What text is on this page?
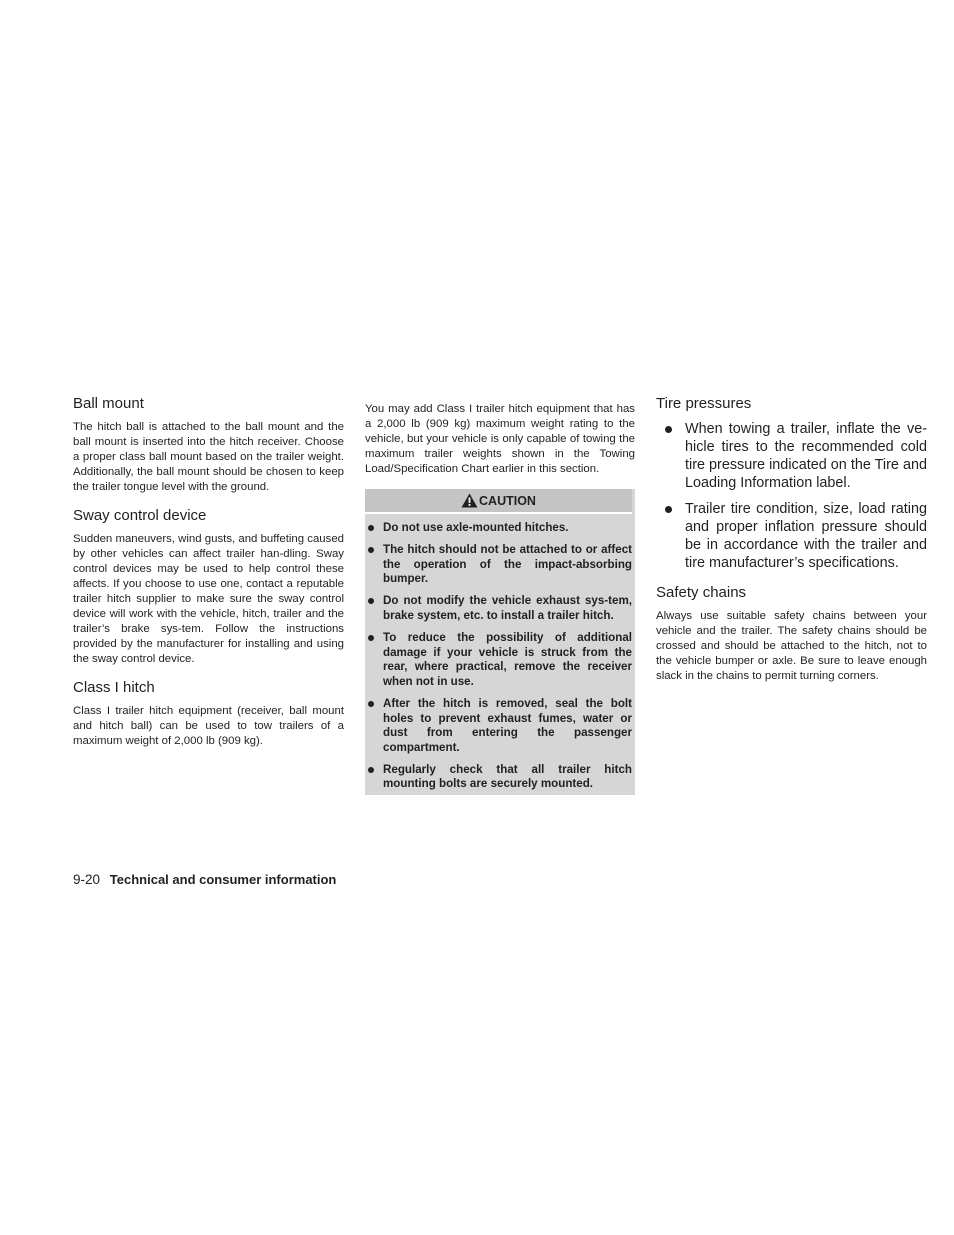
Ball mount

The hitch ball is attached to the ball mount and the ball mount is inserted into the hitch receiver. Choose a proper class ball mount based on the trailer weight. Additionally, the ball mount should be chosen to keep the trailer tongue level with the ground.

Sway control device

Sudden maneuvers, wind gusts, and buffeting caused by other vehicles can affect trailer han-dling. Sway control devices may be used to help control these affects. If you choose to use one, contact a reputable trailer hitch supplier to make sure the sway control device will work with the vehicle, hitch, trailer and the trailer’s brake sys-tem. Follow the instructions provided by the manufacturer for installing and using the sway control device.

Class I hitch

Class I trailer hitch equipment (receiver, ball mount and hitch ball) can be used to tow trailers of a maximum weight of 2,000 lb (909 kg).

You may add Class I trailer hitch equipment that has a 2,000 lb (909 kg) maximum weight rating to the vehicle, but your vehicle is only capable of towing the maximum trailer weights shown in the Towing Load/Specification Chart earlier in this section.

CAUTION
Do not use axle-mounted hitches.
The hitch should not be attached to or affect the operation of the impact-absorbing bumper.
Do not modify the vehicle exhaust sys-tem, brake system, etc. to install a trailer hitch.
To reduce the possibility of additional damage if your vehicle is struck from the rear, where practical, remove the receiver when not in use.
After the hitch is removed, seal the bolt holes to prevent exhaust fumes, water or dust from entering the passenger compartment.
Regularly check that all trailer hitch mounting bolts are securely mounted.
Tire pressures
When towing a trailer, inflate the ve-hicle tires to the recommended cold tire pressure indicated on the Tire and Loading Information label.
Trailer tire condition, size, load rating and proper inflation pressure should be in accordance with the trailer and tire manufacturer’s specifications.
Safety chains

Always use suitable safety chains between your vehicle and the trailer. The safety chains should be crossed and should be attached to the hitch, not to the vehicle bumper or axle. Be sure to leave enough slack in the chains to permit turning corners.

9-20 Technical and consumer information
